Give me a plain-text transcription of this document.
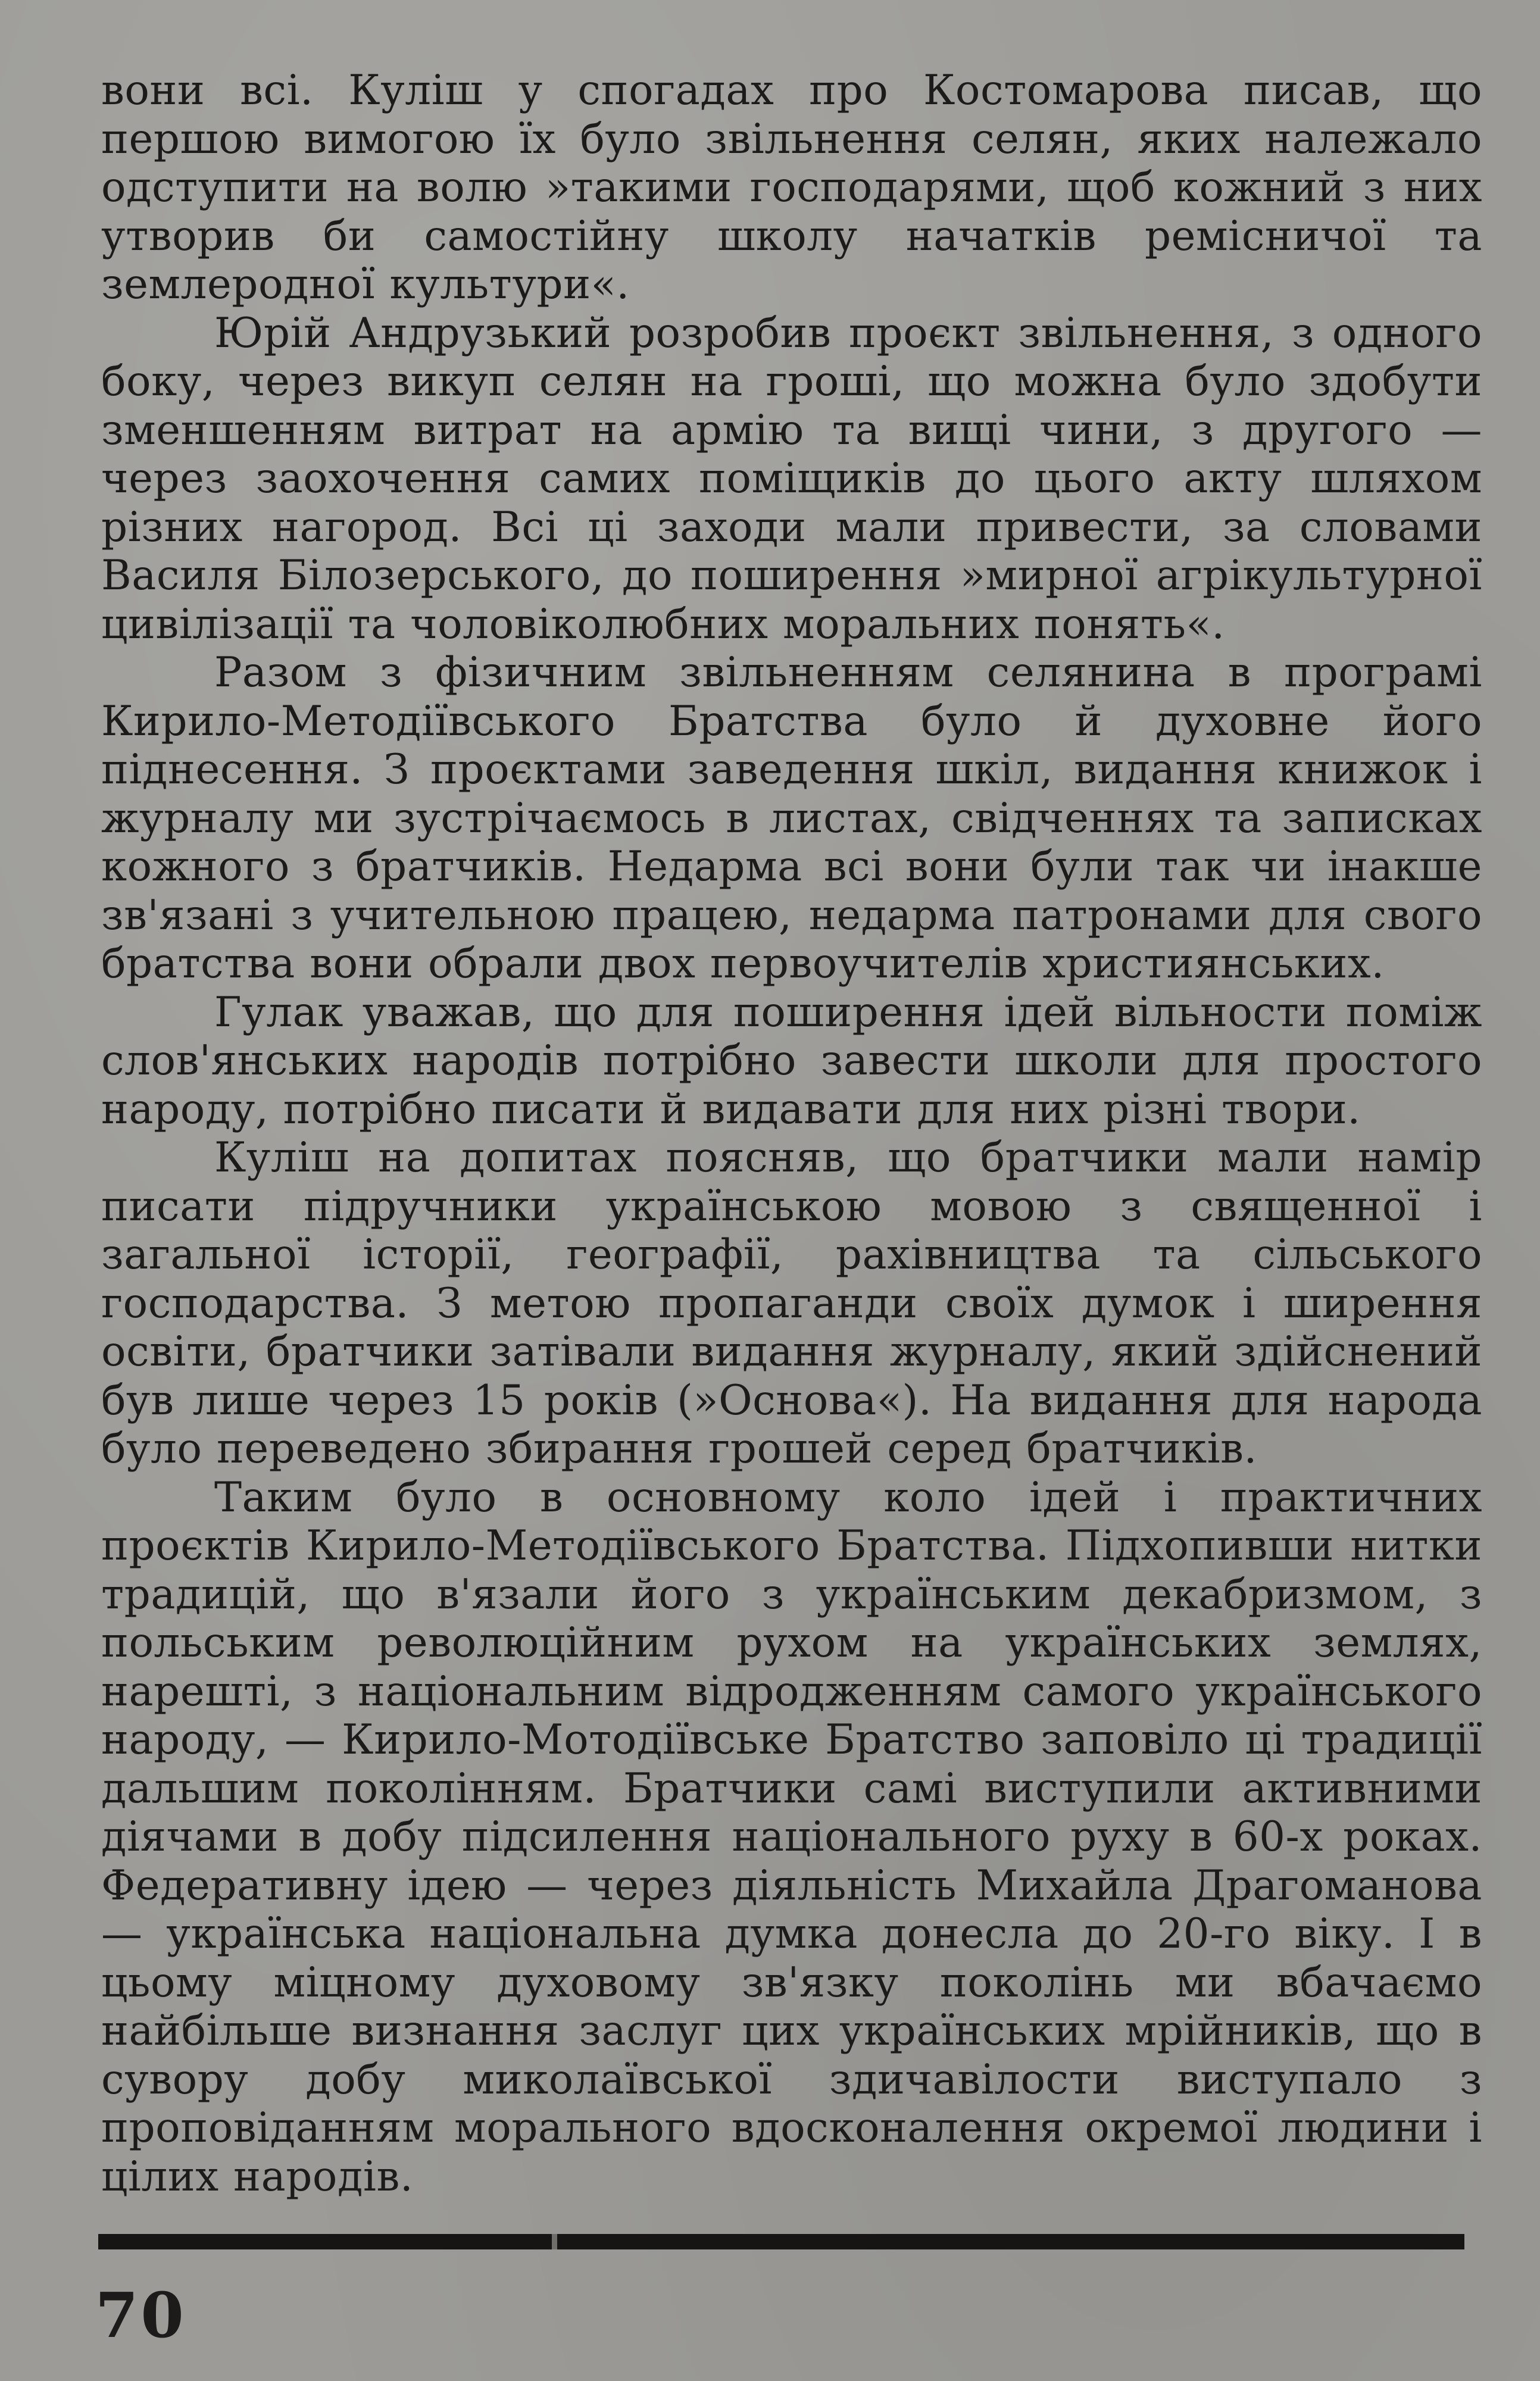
вони всі. Куліш у спогадах про Костомарова писав, що першою вимогою їх було звільнення селян, яких належало одступити на волю »такими господарями, щоб кожний з них утворив би самостійну школу начатків ремісничої та землеродної культури«.

Юрій Андрузький розробив проєкт звільнення, з одного боку, через викуп селян на гроші, що можна було здобути зменшенням витрат на армію та вищі чини, з другого — через заохочення самих поміщиків до цього акту шляхом різних нагород. Всі ці заходи мали привести, за словами Василя Білозерського, до поширення »мирної агрікультурної цивілізації та чоловіколюбних моральних понять«.

Разом з фізичним звільненням селянина в програмі Кирило-Методіївського Братства було й духовне його піднесення. З проєктами заведення шкіл, видання книжок і журналу ми зустрічаємось в листах, свідченнях та записках кожного з братчиків. Недарма всі вони були так чи інакше зв'язані з учительною працею, недарма патронами для свого братства вони обрали двох первоучителів християнських.

Гулак уважав, що для поширення ідей вільности поміж слов'янських народів потрібно завести школи для простого народу, потрібно писати й видавати для них різні твори.

Куліш на допитах поясняв, що братчики мали намір писати підручники українською мовою з священної і загальної історії, географії, рахівництва та сільського господарства. З метою пропаганди своїх думок і ширення освіти, братчики затівали видання журналу, який здійснений був лише через 15 років (»Основа«). На видання для народа було переведено збирання грошей серед братчиків.

Таким було в основному коло ідей і практичних проєктів Кирило-Методіївського Братства. Підхопивши нитки традицій, що в'язали його з українським декабризмом, з польським революційним рухом на українських землях, нарешті, з національним відродженням самого українського народу, — Кирило-Мотодіївське Братство заповіло ці традиції дальшим поколінням. Братчики самі виступили активними діячами в добу підсилення національного руху в 60-х роках. Федеративну ідею — через діяльність Михайла Драгоманова — українська національна думка донесла до 20-го віку. І в цьому міцному духовому зв'язку поколінь ми вбачаємо найбільше визнання заслуг цих українських мрійників, що в сувору добу миколаївської здичавілости виступало з проповіданням морального вдосконалення окремої людини і цілих народів.

70
